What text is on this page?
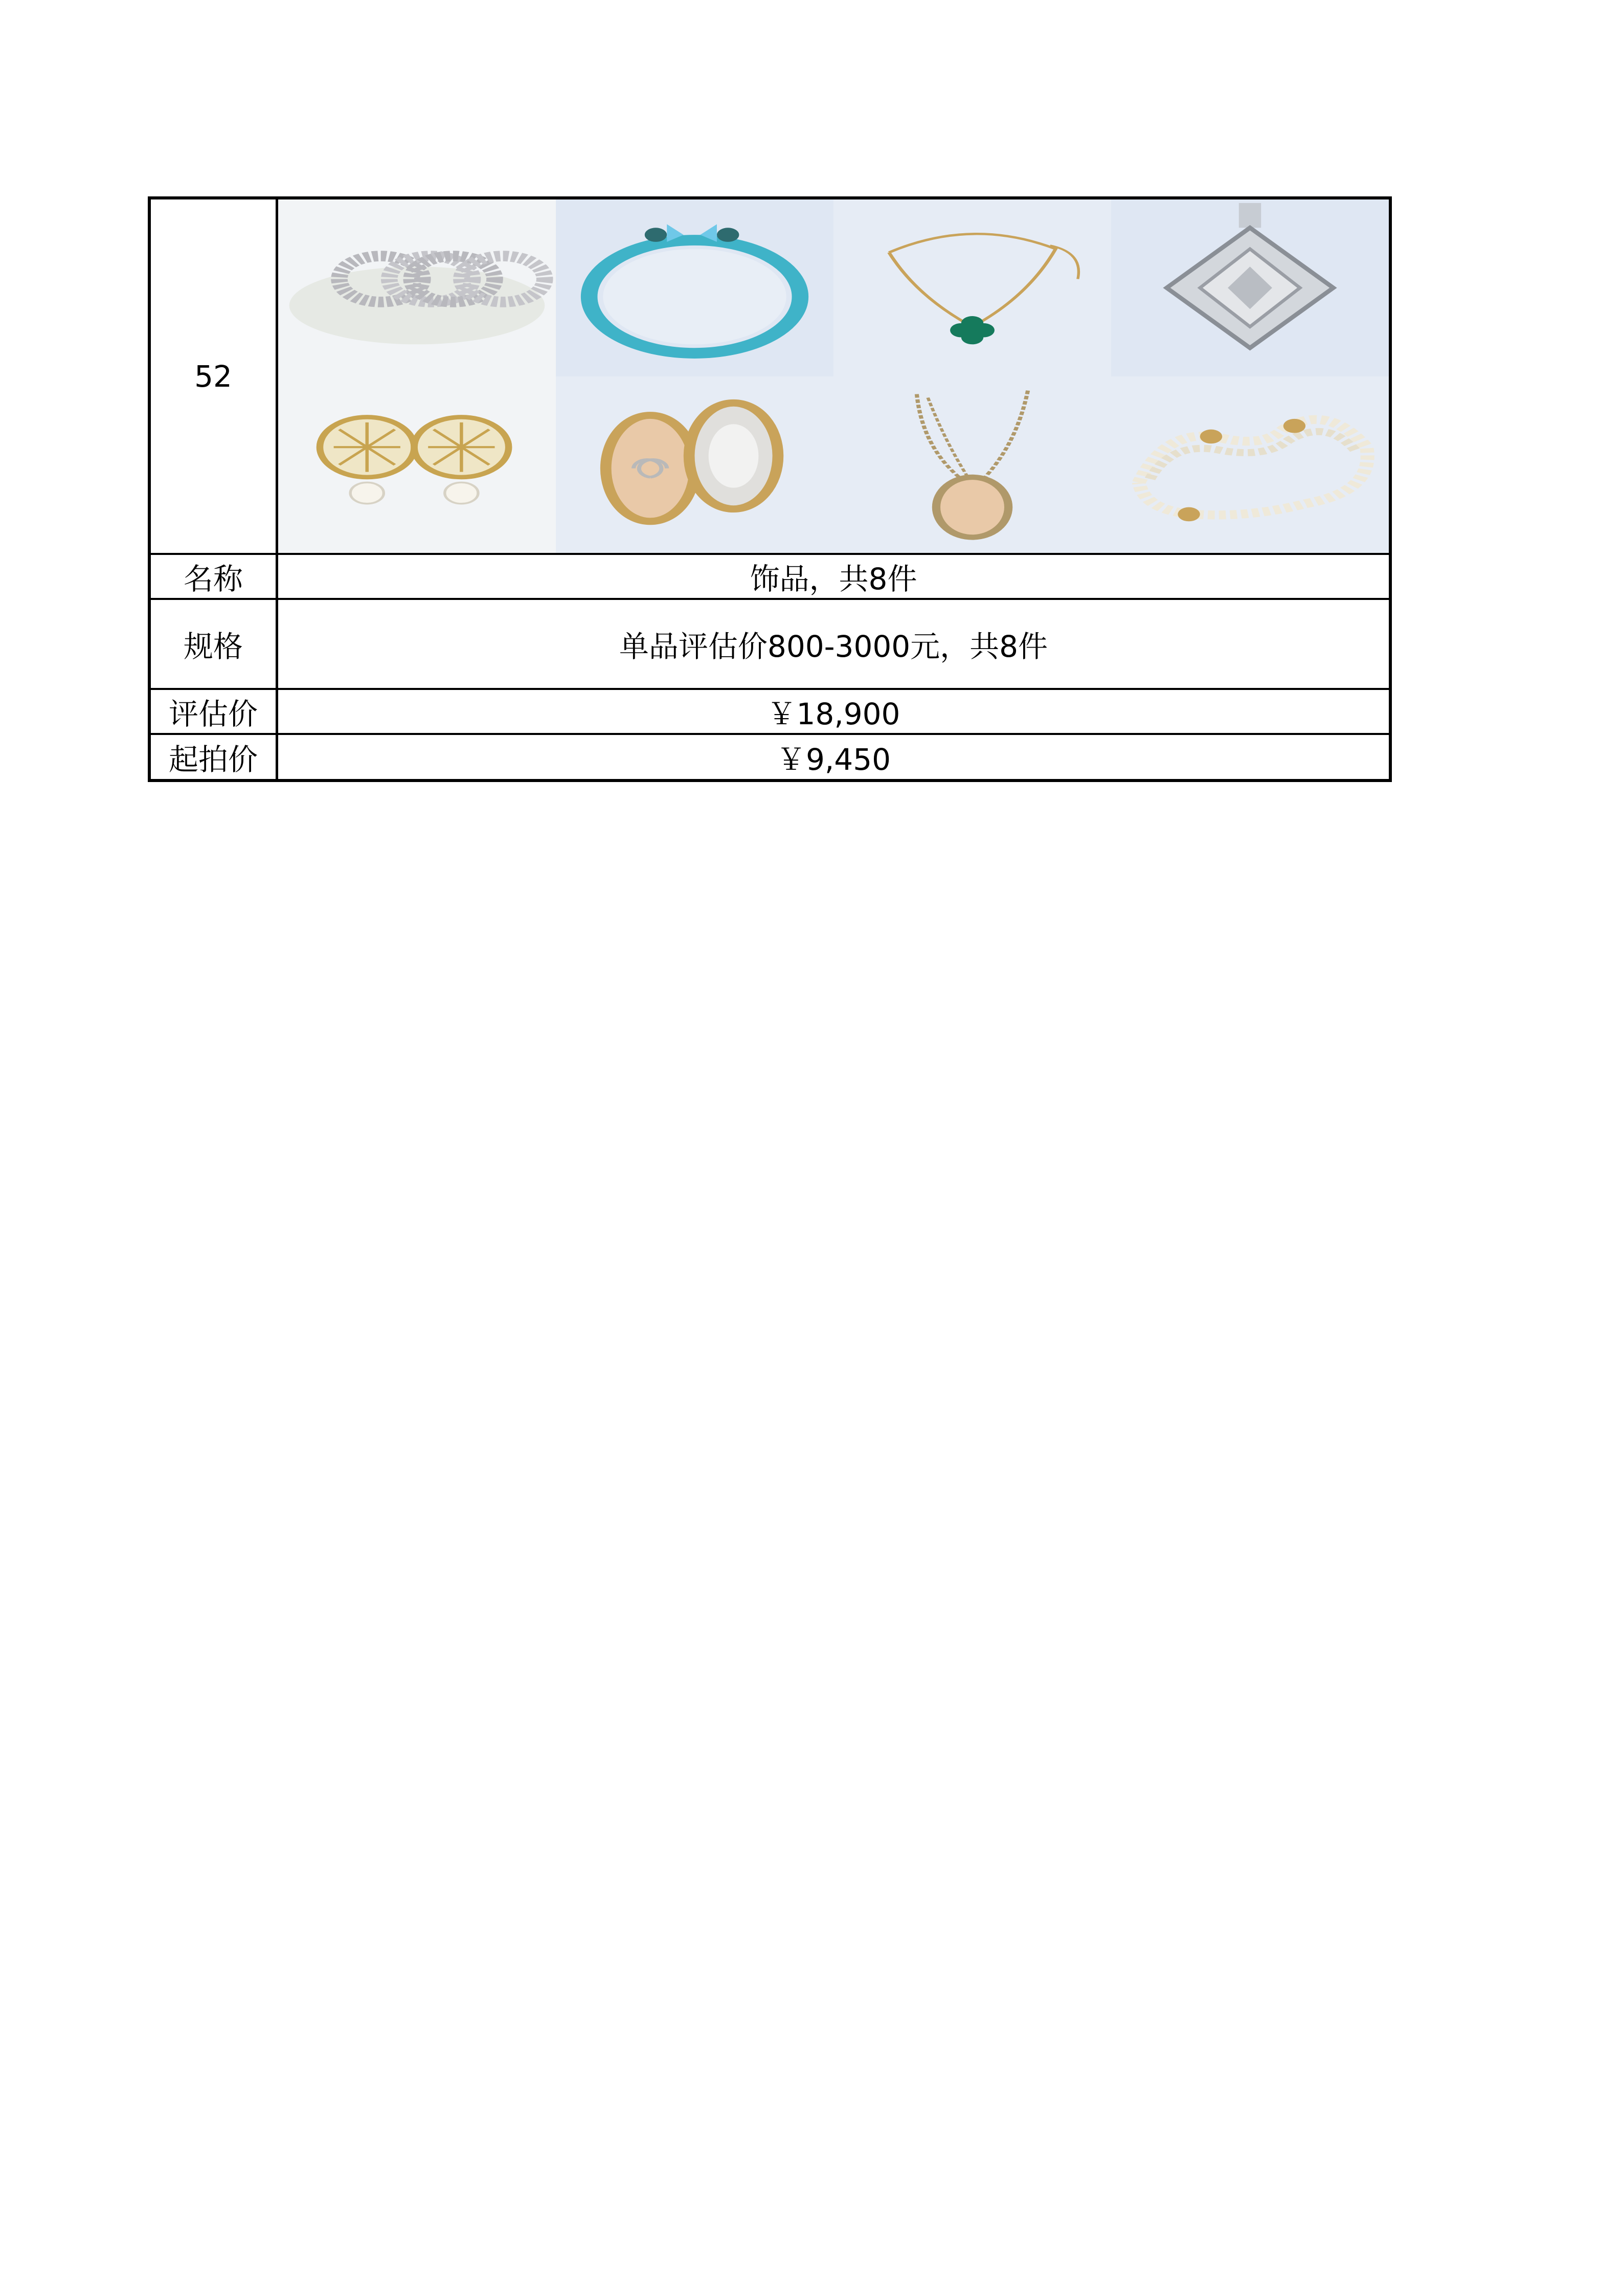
52
名称	饰品，共8件
规格	单品评估价800-3000元，共8件
评估价	￥18,900
起拍价	￥9,450
